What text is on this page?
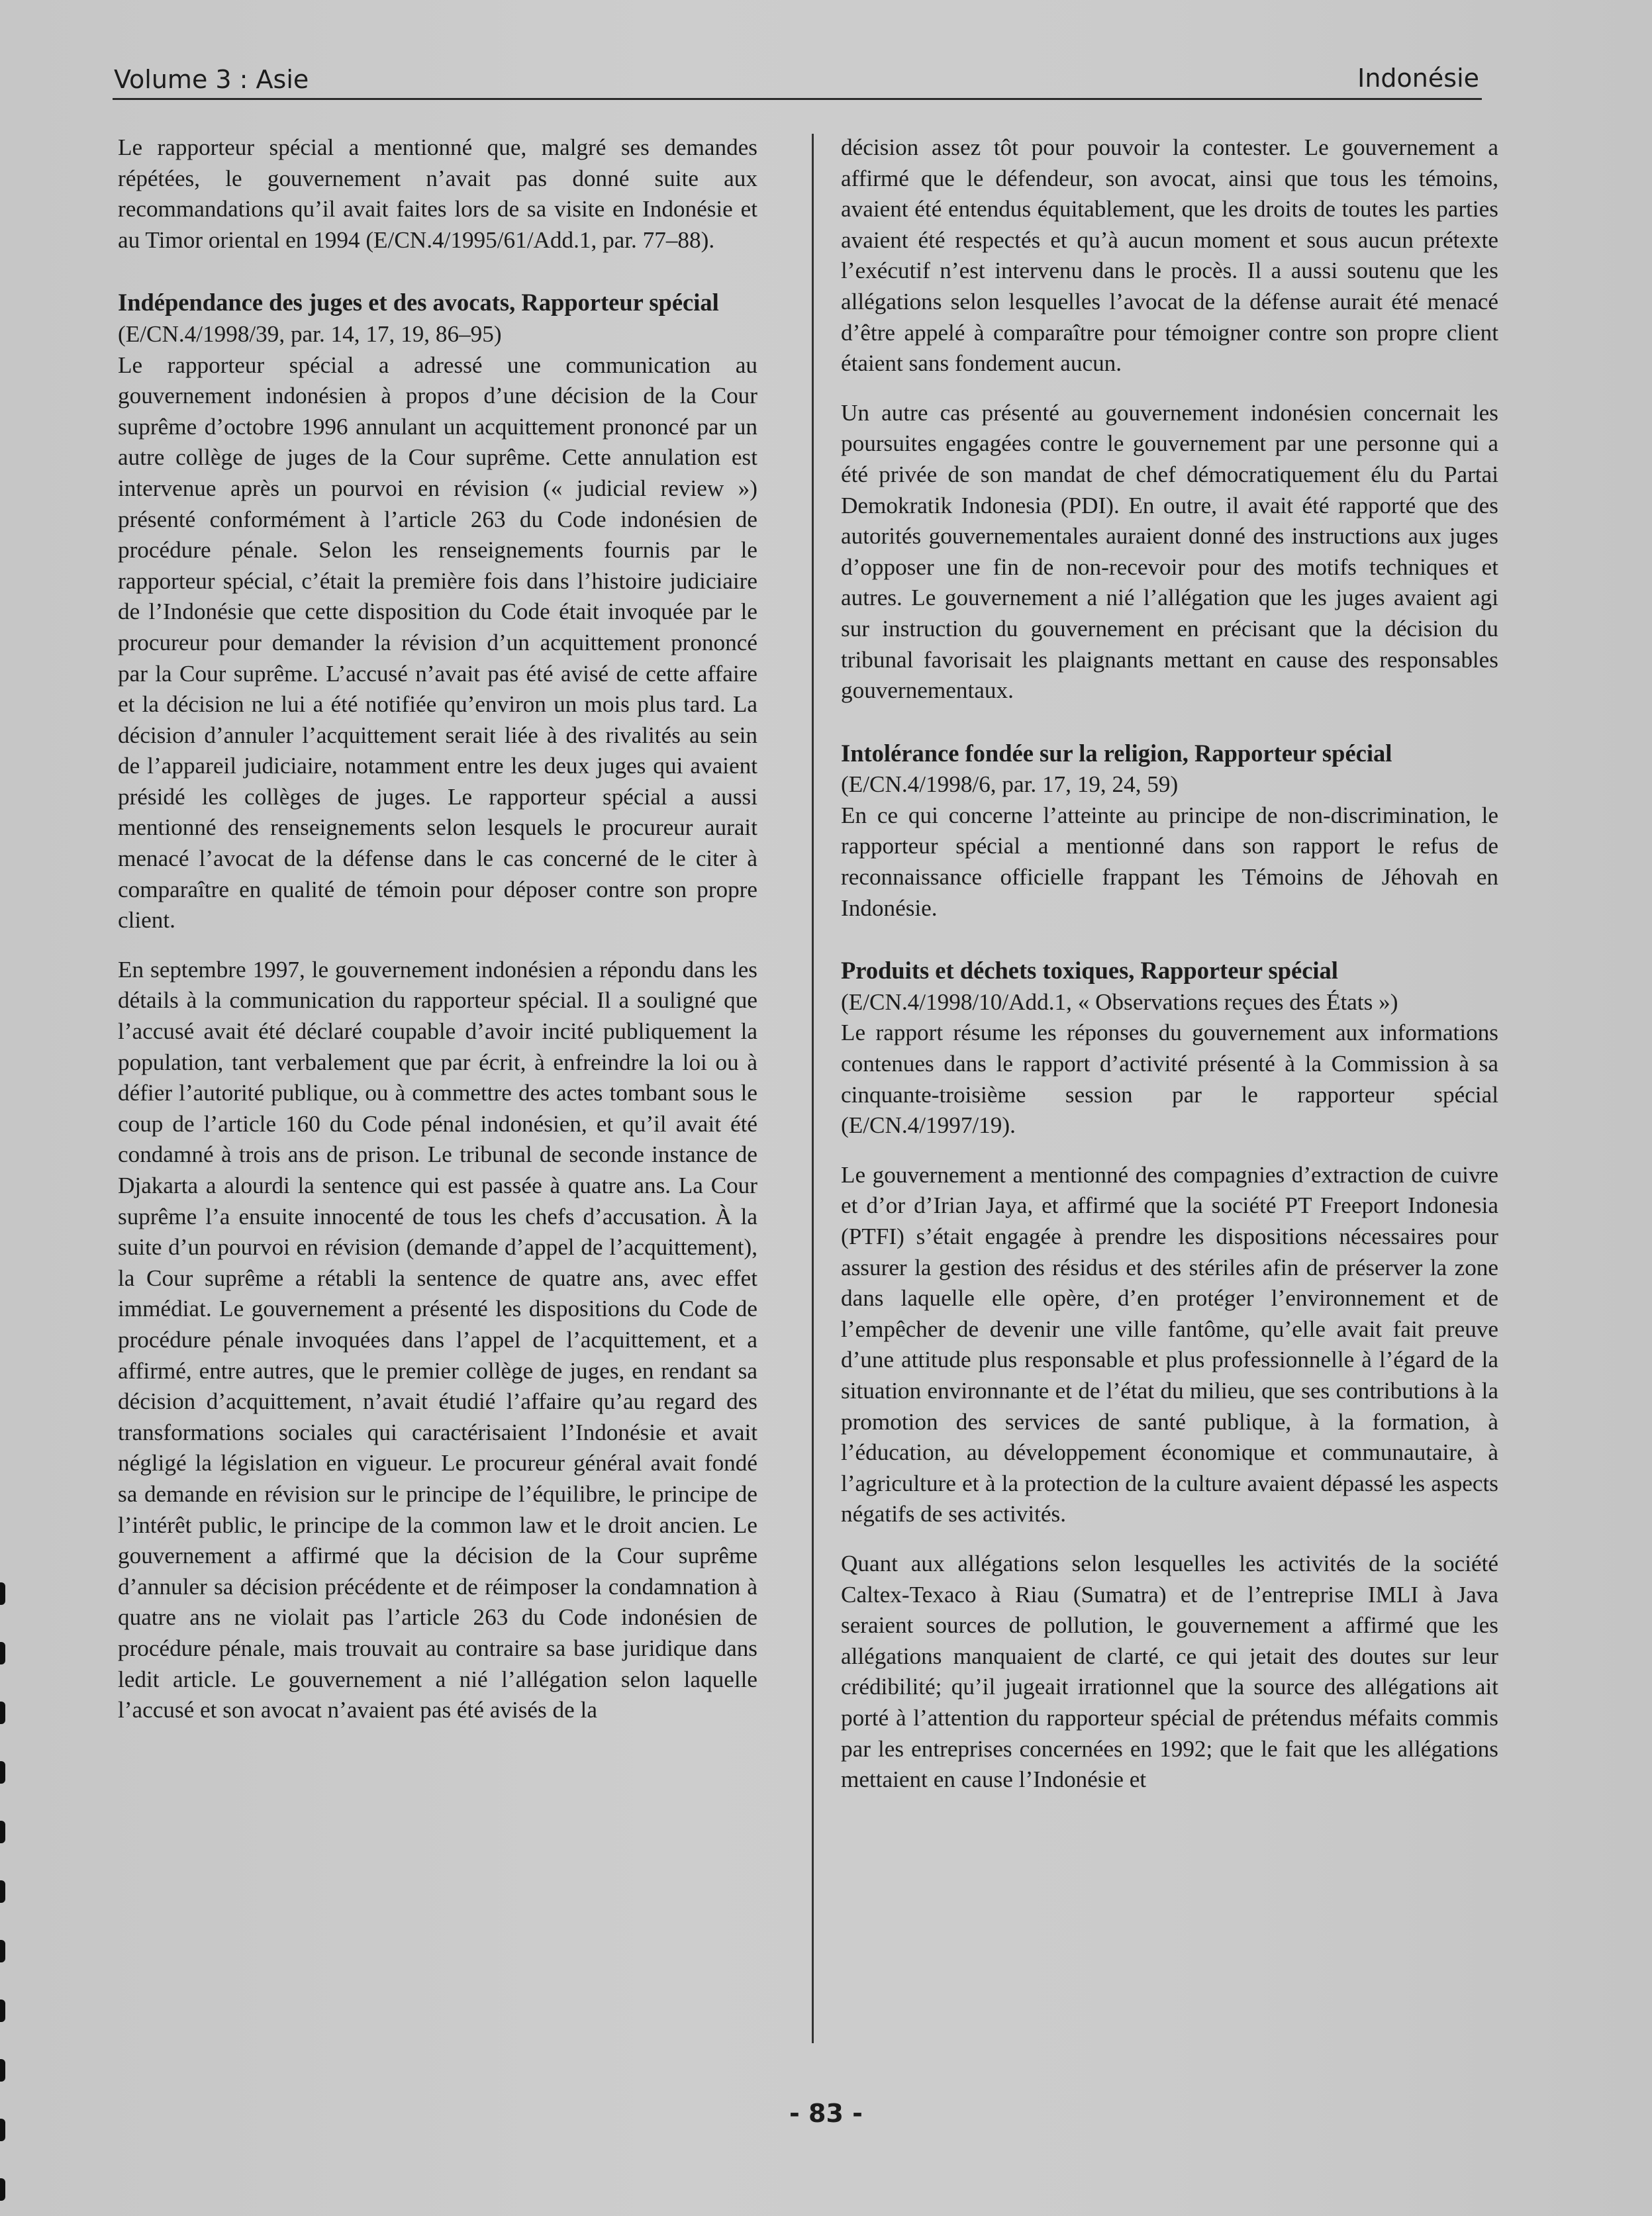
Volume 3 : Asie	Indonésie

Le rapporteur spécial a mentionné que, malgré ses demandes répétées, le gouvernement n’avait pas donné suite aux recommandations qu’il avait faites lors de sa visite en Indonésie et au Timor oriental en 1994 (E/CN.4/1995/61/Add.1, par. 77–88).

Indépendance des juges et des avocats, Rapporteur spécial (E/CN.4/1998/39, par. 14, 17, 19, 86–95)

Le rapporteur spécial a adressé une communication au gouvernement indonésien à propos d’une décision de la Cour suprême d’octobre 1996 annulant un acquittement prononcé par un autre collège de juges de la Cour suprême. Cette annulation est intervenue après un pourvoi en révision (« judicial review ») présenté conformément à l’article 263 du Code indonésien de procédure pénale. Selon les renseignements fournis par le rapporteur spécial, c’était la première fois dans l’histoire judiciaire de l’Indonésie que cette disposition du Code était invoquée par le procureur pour demander la révision d’un acquittement prononcé par la Cour suprême. L’accusé n’avait pas été avisé de cette affaire et la décision ne lui a été notifiée qu’environ un mois plus tard. La décision d’annuler l’acquittement serait liée à des rivalités au sein de l’appareil judiciaire, notamment entre les deux juges qui avaient présidé les collèges de juges. Le rapporteur spécial a aussi mentionné des renseignements selon lesquels le procureur aurait menacé l’avocat de la défense dans le cas concerné de le citer à comparaître en qualité de témoin pour déposer contre son propre client.

En septembre 1997, le gouvernement indonésien a répondu dans les détails à la communication du rapporteur spécial. Il a souligné que l’accusé avait été déclaré coupable d’avoir incité publiquement la population, tant verbalement que par écrit, à enfreindre la loi ou à défier l’autorité publique, ou à commettre des actes tombant sous le coup de l’article 160 du Code pénal indonésien, et qu’il avait été condamné à trois ans de prison. Le tribunal de seconde instance de Djakarta a alourdi la sentence qui est passée à quatre ans. La Cour suprême l’a ensuite innocenté de tous les chefs d’accusation. À la suite d’un pourvoi en révision (demande d’appel de l’acquittement), la Cour suprême a rétabli la sentence de quatre ans, avec effet immédiat. Le gouvernement a présenté les dispositions du Code de procédure pénale invoquées dans l’appel de l’acquittement, et a affirmé, entre autres, que le premier collège de juges, en rendant sa décision d’acquittement, n’avait étudié l’affaire qu’au regard des transformations sociales qui caractérisaient l’Indonésie et avait négligé la législation en vigueur. Le procureur général avait fondé sa demande en révision sur le principe de l’équilibre, le principe de l’intérêt public, le principe de la common law et le droit ancien. Le gouvernement a affirmé que la décision de la Cour suprême d’annuler sa décision précédente et de réimposer la condamnation à quatre ans ne violait pas l’article 263 du Code indonésien de procédure pénale, mais trouvait au contraire sa base juridique dans ledit article. Le gouvernement a nié l’allégation selon laquelle l’accusé et son avocat n’avaient pas été avisés de la

décision assez tôt pour pouvoir la contester. Le gouvernement a affirmé que le défendeur, son avocat, ainsi que tous les témoins, avaient été entendus équitablement, que les droits de toutes les parties avaient été respectés et qu’à aucun moment et sous aucun prétexte l’exécutif n’est intervenu dans le procès. Il a aussi soutenu que les allégations selon lesquelles l’avocat de la défense aurait été menacé d’être appelé à comparaître pour témoigner contre son propre client étaient sans fondement aucun.

Un autre cas présenté au gouvernement indonésien concernait les poursuites engagées contre le gouvernement par une personne qui a été privée de son mandat de chef démocratiquement élu du Partai Demokratik Indonesia (PDI). En outre, il avait été rapporté que des autorités gouvernementales auraient donné des instructions aux juges d’opposer une fin de non-recevoir pour des motifs techniques et autres. Le gouvernement a nié l’allégation que les juges avaient agi sur instruction du gouvernement en précisant que la décision du tribunal favorisait les plaignants mettant en cause des responsables gouvernementaux.

Intolérance fondée sur la religion, Rapporteur spécial (E/CN.4/1998/6, par. 17, 19, 24, 59)

En ce qui concerne l’atteinte au principe de non-discrimination, le rapporteur spécial a mentionné dans son rapport le refus de reconnaissance officielle frappant les Témoins de Jéhovah en Indonésie.

Produits et déchets toxiques, Rapporteur spécial (E/CN.4/1998/10/Add.1, « Observations reçues des États »)

Le rapport résume les réponses du gouvernement aux informations contenues dans le rapport d’activité présenté à la Commission à sa cinquante-troisième session par le rapporteur spécial (E/CN.4/1997/19).

Le gouvernement a mentionné des compagnies d’extraction de cuivre et d’or d’Irian Jaya, et affirmé que la société PT Freeport Indonesia (PTFI) s’était engagée à prendre les dispositions nécessaires pour assurer la gestion des résidus et des stériles afin de préserver la zone dans laquelle elle opère, d’en protéger l’environnement et de l’empêcher de devenir une ville fantôme, qu’elle avait fait preuve d’une attitude plus responsable et plus professionnelle à l’égard de la situation environnante et de l’état du milieu, que ses contributions à la promotion des services de santé publique, à la formation, à l’éducation, au développement économique et communautaire, à l’agriculture et à la protection de la culture avaient dépassé les aspects négatifs de ses activités.

Quant aux allégations selon lesquelles les activités de la société Caltex-Texaco à Riau (Sumatra) et de l’entreprise IMLI à Java seraient sources de pollution, le gouvernement a affirmé que les allégations manquaient de clarté, ce qui jetait des doutes sur leur crédibilité; qu’il jugeait irrationnel que la source des allégations ait porté à l’attention du rapporteur spécial de prétendus méfaits commis par les entreprises concernées en 1992; que le fait que les allégations mettaient en cause l’Indonésie et

- 83 -
